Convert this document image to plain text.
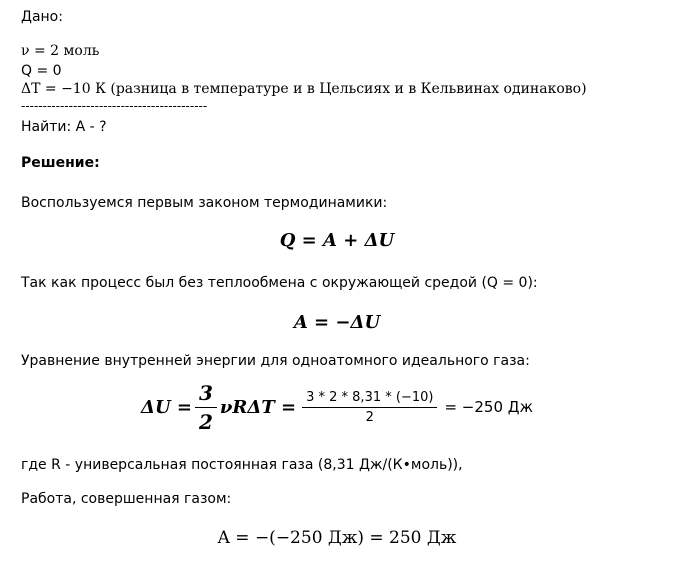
Дано:
ν = 2 моль
Q = 0
ΔT = −10 К (разница в температуре и в Цельсиях и в Кельвинах одинаково)
-------------------------------------------
Найти: А - ?
Решение:
Воспользуемся первым законом термодинамики:
Q = A + ΔU
Так как процесс был без теплообмена с окружающей средой (Q = 0):
A = −ΔU
Уравнение внутренней энергии для одноатомного идеального газа:
$\Delta U = \frac{3}{2}$ $\nu R\Delta T = \frac{3 * 2 * 8,31 * (-10)}{2} = -250$ Дж
где R - универсальная постоянная газа (8,31 Дж/(К•моль)),
Работа, совершенная газом:
A = −(−250 Дж) = 250 Дж
